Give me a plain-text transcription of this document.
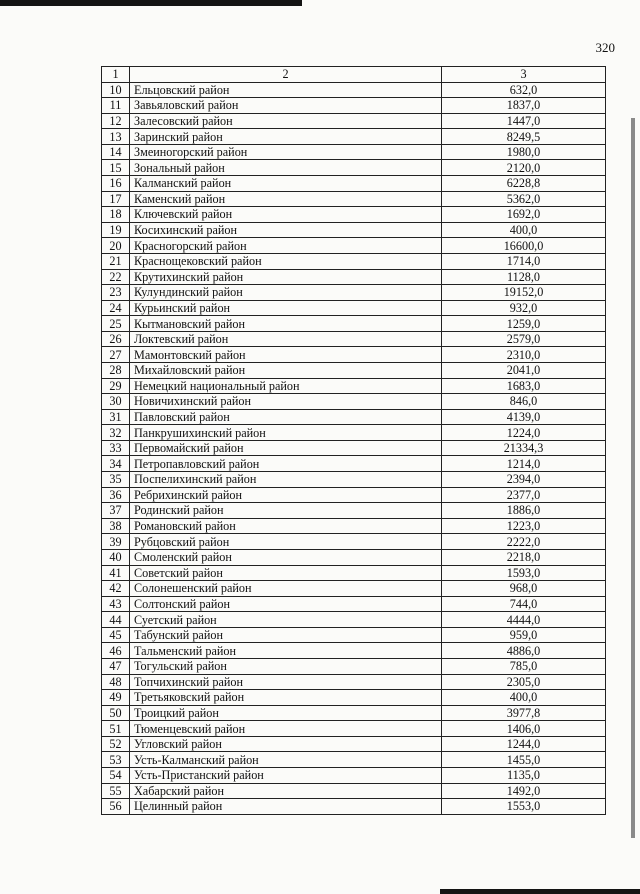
320
1	2	3
10	Ельцовский район	632,0
11	Завьяловский район	1837,0
12	Залесовский район	1447,0
13	Заринский район	8249,5
14	Змеиногорский район	1980,0
15	Зональный район	2120,0
16	Калманский район	6228,8
17	Каменский район	5362,0
18	Ключевский район	1692,0
19	Косихинский район	400,0
20	Красногорский район	16600,0
21	Краснощековский район	1714,0
22	Крутихинский район	1128,0
23	Кулундинский район	19152,0
24	Курьинский район	932,0
25	Кытмановский район	1259,0
26	Локтевский район	2579,0
27	Мамонтовский район	2310,0
28	Михайловский район	2041,0
29	Немецкий национальный район	1683,0
30	Новичихинский район	846,0
31	Павловский район	4139,0
32	Панкрушихинский район	1224,0
33	Первомайский район	21334,3
34	Петропавловский район	1214,0
35	Поспелихинский район	2394,0
36	Ребрихинский район	2377,0
37	Родинский район	1886,0
38	Романовский район	1223,0
39	Рубцовский район	2222,0
40	Смоленский район	2218,0
41	Советский район	1593,0
42	Солонешенский район	968,0
43	Солтонский район	744,0
44	Суетский район	4444,0
45	Табунский район	959,0
46	Тальменский район	4886,0
47	Тогульский район	785,0
48	Топчихинский район	2305,0
49	Третьяковский район	400,0
50	Троицкий район	3977,8
51	Тюменцевский район	1406,0
52	Угловский район	1244,0
53	Усть-Калманский район	1455,0
54	Усть-Пристанский район	1135,0
55	Хабарский район	1492,0
56	Целинный район	1553,0
